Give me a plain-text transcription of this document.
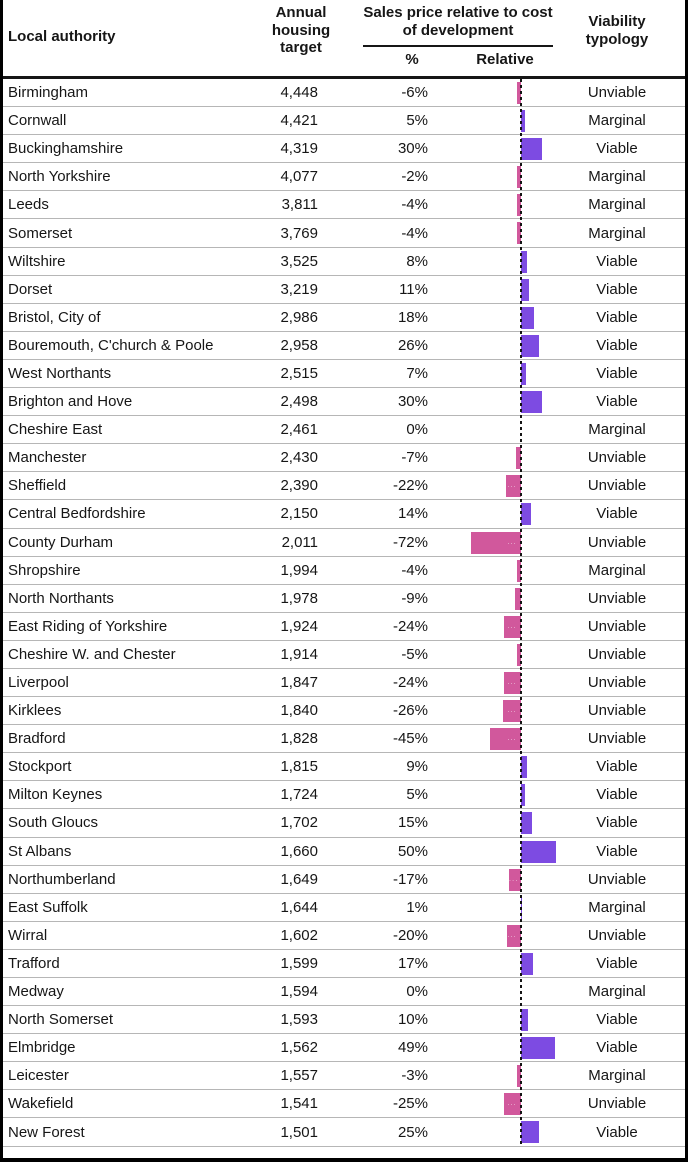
Local authority
Annual housing target
Sales price relative to cost of development
%	Relative
Viability typology
Birmingham	4,448	-6%	Unviable
Cornwall	4,421	5%	Marginal
Buckinghamshire	4,319	30%	Viable
North Yorkshire	4,077	-2%	Marginal
Leeds	3,811	-4%	Marginal
Somerset	3,769	-4%	Marginal
Wiltshire	3,525	8%	Viable
Dorset	3,219	11%	Viable
Bristol, City of	2,986	18%	Viable
Bouremouth, C'church & Poole	2,958	26%	Viable
West Northants	2,515	7%	Viable
Brighton and Hove	2,498	30%	Viable
Cheshire East	2,461	0%	Marginal
Manchester	2,430	-7%	Unviable
Sheffield	2,390	-22%	...	Unviable
Central Bedfordshire	2,150	14%	Viable
County Durham	2,011	-72%	...	Unviable
Shropshire	1,994	-4%	Marginal
North Northants	1,978	-9%	Unviable
East Riding of Yorkshire	1,924	-24%	...	Unviable
Cheshire W. and Chester	1,914	-5%	Unviable
Liverpool	1,847	-24%	...	Unviable
Kirklees	1,840	-26%	...	Unviable
Bradford	1,828	-45%	...	Unviable
Stockport	1,815	9%	Viable
Milton Keynes	1,724	5%	Viable
South Gloucs	1,702	15%	Viable
St Albans	1,660	50%	Viable
Northumberland	1,649	-17%	...	Unviable
East Suffolk	1,644	1%	Marginal
Wirral	1,602	-20%	...	Unviable
Trafford	1,599	17%	Viable
Medway	1,594	0%	Marginal
North Somerset	1,593	10%	Viable
Elmbridge	1,562	49%	Viable
Leicester	1,557	-3%	Marginal
Wakefield	1,541	-25%	...	Unviable
New Forest	1,501	25%	Viable
